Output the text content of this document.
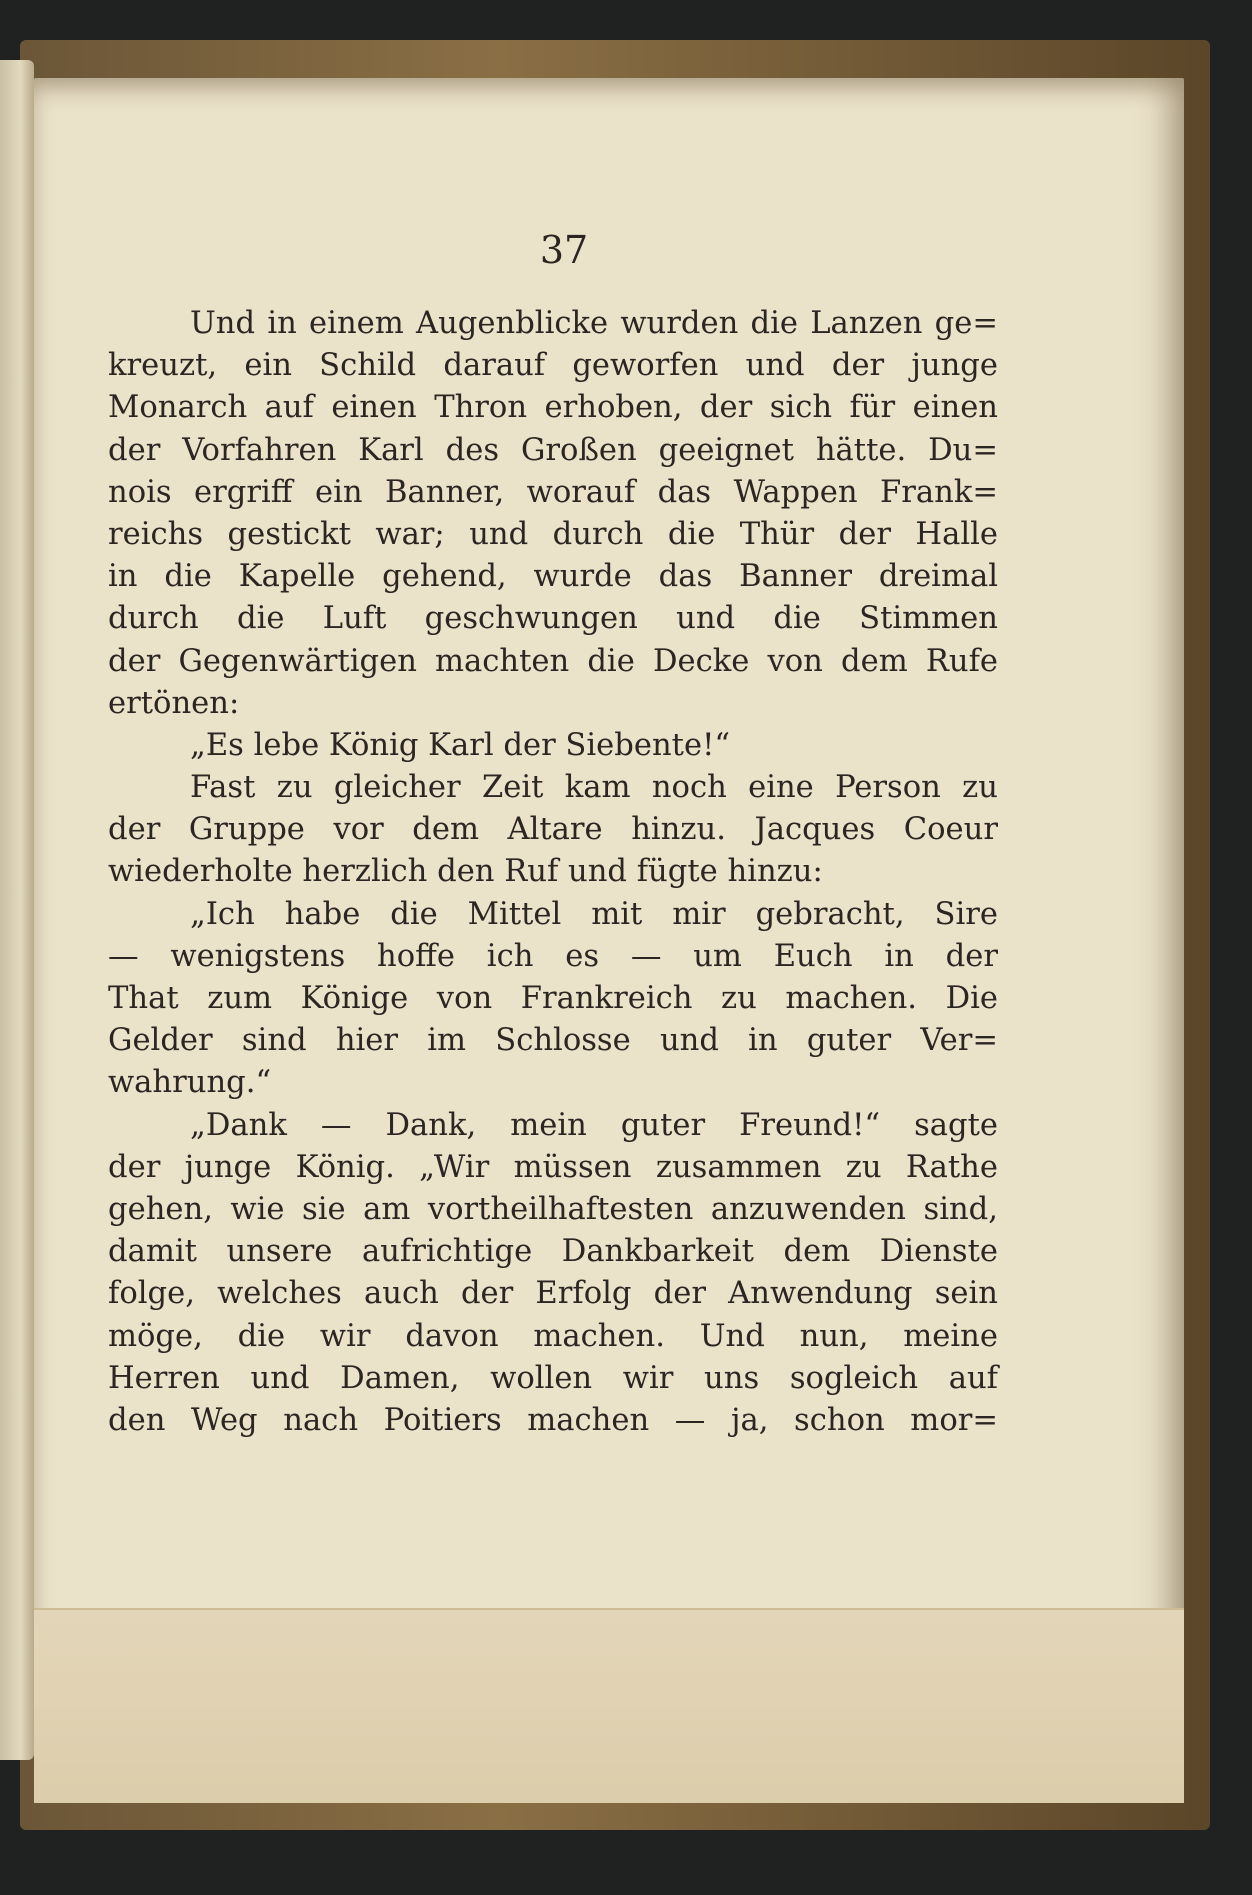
37
Und in einem Augenblicke wurden die Lanzen ge=
kreuzt, ein Schild darauf geworfen und der junge
Monarch auf einen Thron erhoben, der sich für einen
der Vorfahren Karl des Großen geeignet hätte. Du=
nois ergriff ein Banner, worauf das Wappen Frank=
reichs gestickt war; und durch die Thür der Halle
in die Kapelle gehend, wurde das Banner dreimal
durch die Luft geschwungen und die Stimmen
der Gegenwärtigen machten die Decke von dem Rufe
ertönen:
„Es lebe König Karl der Siebente!“
Fast zu gleicher Zeit kam noch eine Person zu
der Gruppe vor dem Altare hinzu. Jacques Coeur
wiederholte herzlich den Ruf und fügte hinzu:
„Ich habe die Mittel mit mir gebracht, Sire
— wenigstens hoffe ich es — um Euch in der
That zum Könige von Frankreich zu machen. Die
Gelder sind hier im Schlosse und in guter Ver=
wahrung.“
„Dank — Dank, mein guter Freund!“ sagte
der junge König. „Wir müssen zusammen zu Rathe
gehen, wie sie am vortheilhaftesten anzuwenden sind,
damit unsere aufrichtige Dankbarkeit dem Dienste
folge, welches auch der Erfolg der Anwendung sein
möge, die wir davon machen. Und nun, meine
Herren und Damen, wollen wir uns sogleich auf
den Weg nach Poitiers machen — ja, schon mor=
